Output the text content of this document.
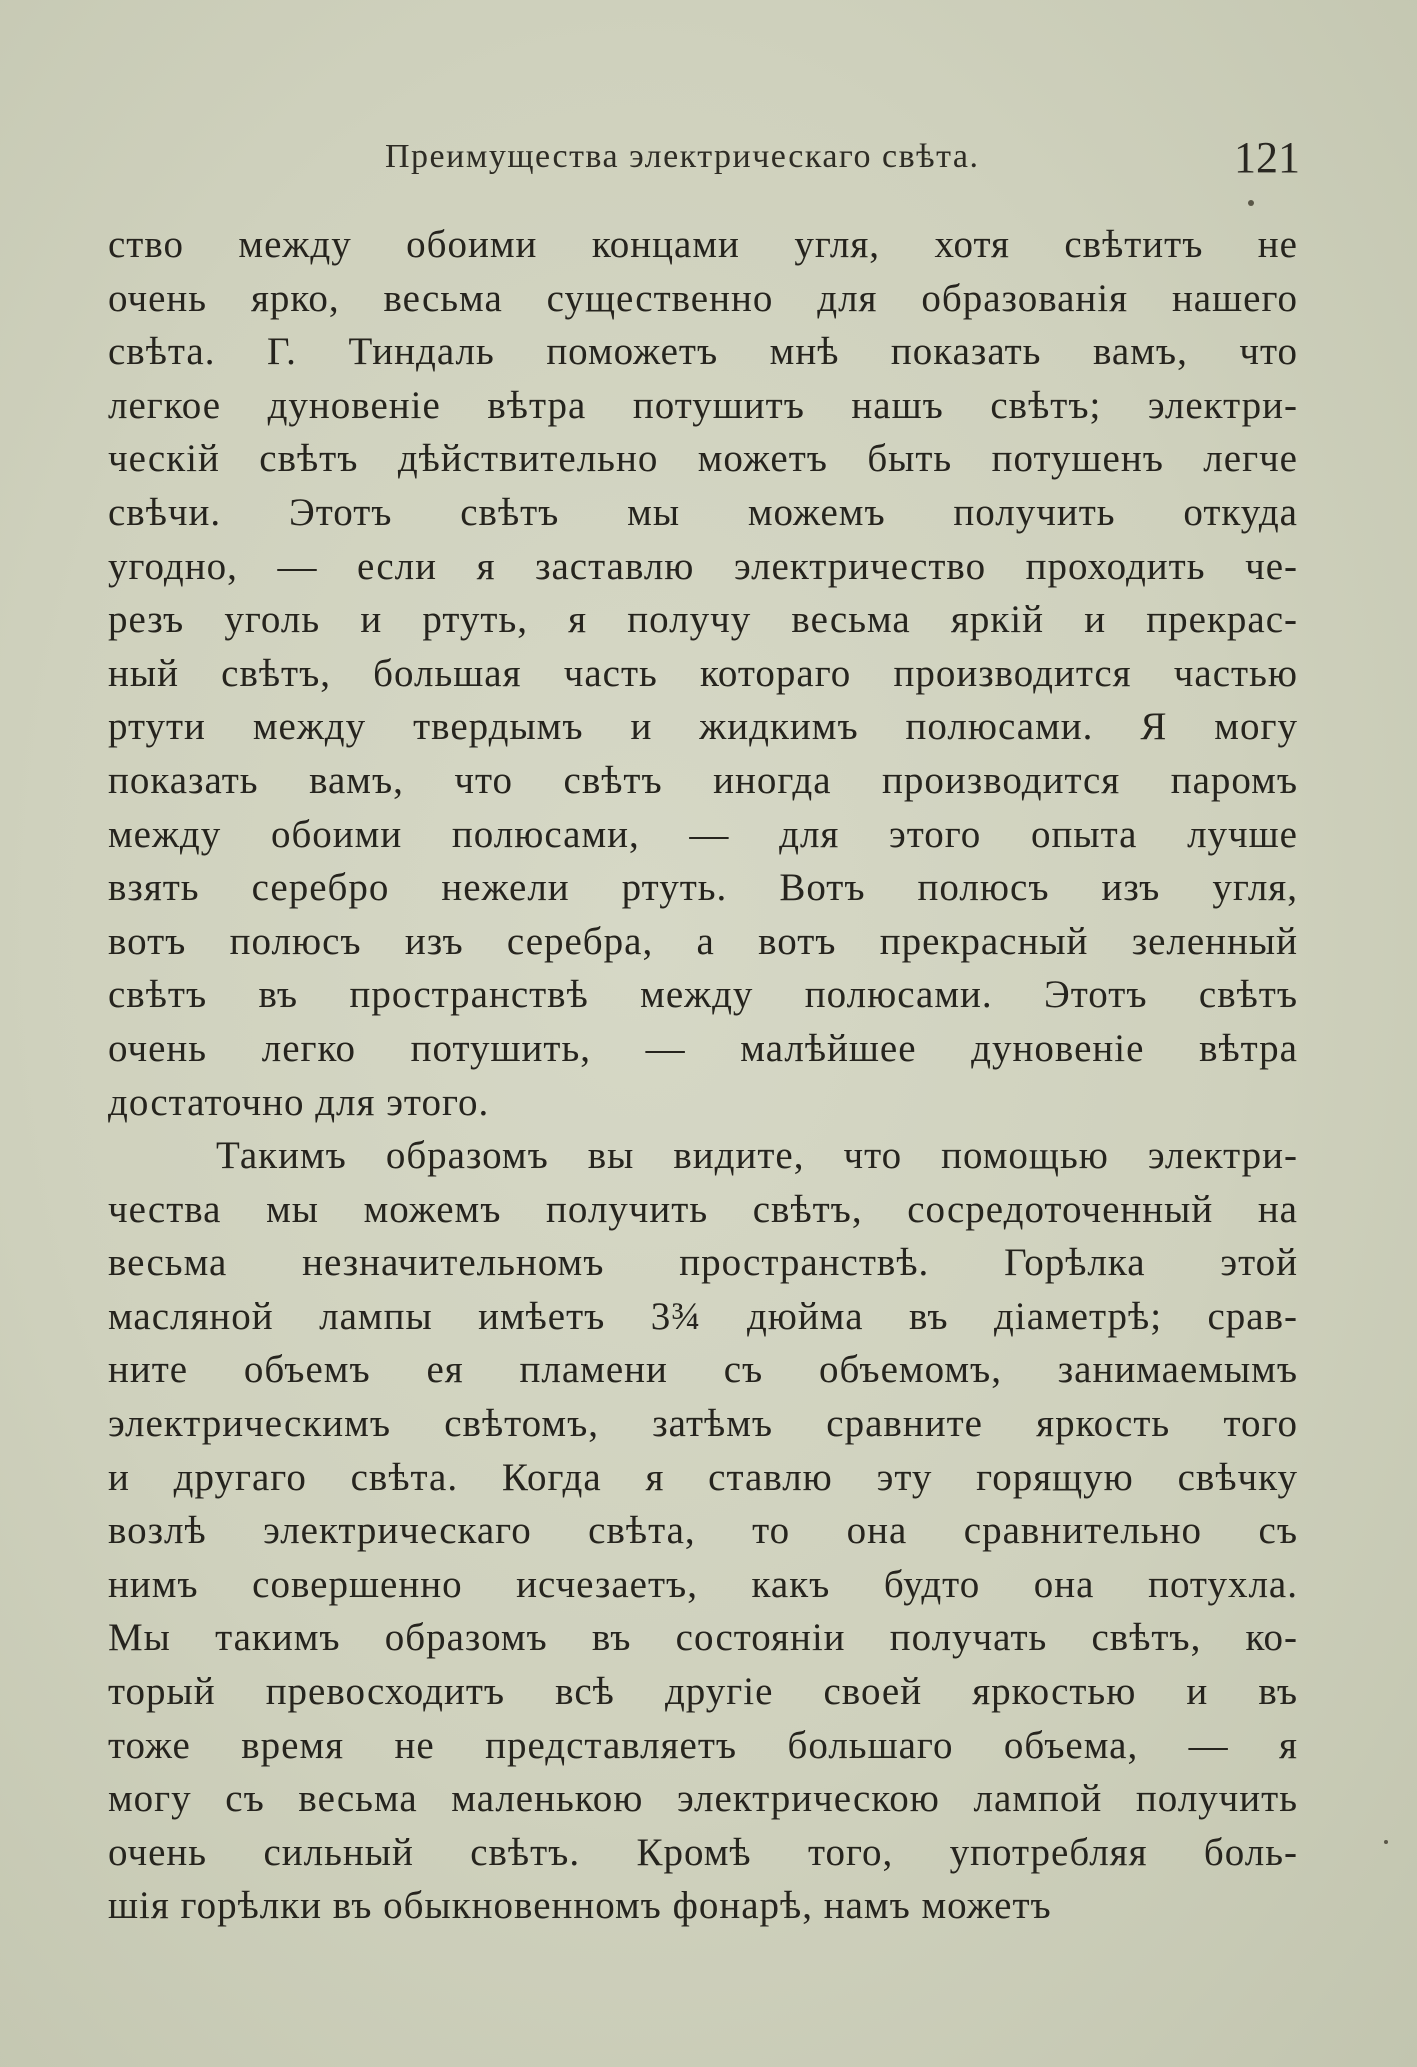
Преимущества электрическаго свѣта.	121
ство между обоими концами угля, хотя свѣтитъ не
очень ярко, весьма существенно для образованія нашего
свѣта. Г. Тиндаль поможетъ мнѣ показать вамъ, что
легкое дуновеніе вѣтра потушитъ нашъ свѣтъ; электри-
ческій свѣтъ дѣйствительно можетъ быть потушенъ легче
свѣчи. Этотъ свѣтъ мы можемъ получить откуда
угодно, — если я заставлю электричество проходить че-
резъ уголь и ртуть, я получу весьма яркій и прекрас-
ный свѣтъ, большая часть котораго производится частью
ртути между твердымъ и жидкимъ полюсами. Я могу
показать вамъ, что свѣтъ иногда производится паромъ
между обоими полюсами, — для этого опыта лучше
взять серебро нежели ртуть. Вотъ полюсъ изъ угля,
вотъ полюсъ изъ серебра, а вотъ прекрасный зеленный
свѣтъ въ пространствѣ между полюсами. Этотъ свѣтъ
очень легко потушить, — малѣйшее дуновеніе вѣтра
достаточно для этого.
Такимъ образомъ вы видите, что помощью электри-
чества мы можемъ получить свѣтъ, сосредоточенный на
весьма незначительномъ пространствѣ. Горѣлка этой
масляной лампы имѣетъ 3¾ дюйма въ діаметрѣ; срав-
ните объемъ ея пламени съ объемомъ, занимаемымъ
электрическимъ свѣтомъ, затѣмъ сравните яркость того
и другаго свѣта. Когда я ставлю эту горящую свѣчку
возлѣ электрическаго свѣта, то она сравнительно съ
нимъ совершенно исчезаетъ, какъ будто она потухла.
Мы такимъ образомъ въ состояніи получать свѣтъ, ко-
торый превосходитъ всѣ другіе своей яркостью и въ
тоже время не представляетъ большаго объема, — я
могу съ весьма маленькою электрическою лампой получить
очень сильный свѣтъ. Кромѣ того, употребляя боль-
шія горѣлки въ обыкновенномъ фонарѣ, намъ можетъ
